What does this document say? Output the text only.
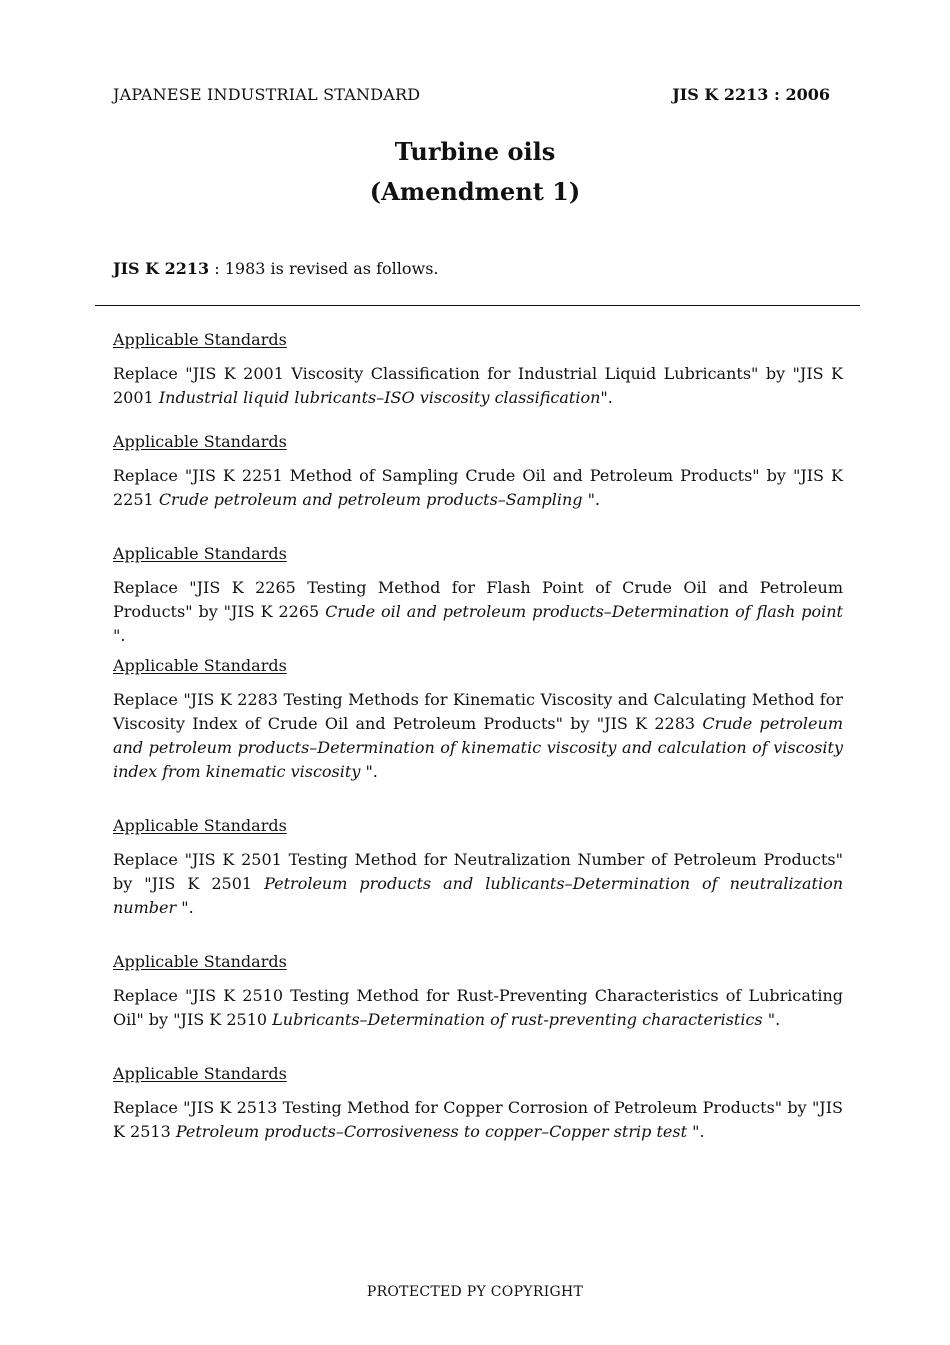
JAPANESE INDUSTRIAL STANDARD	JIS K 2213 : 2006
Turbine oils
(Amendment 1)
JIS K 2213 : 1983 is revised as follows.
Applicable Standards
Replace "JIS K 2001 Viscosity Classification for Industrial Liquid Lubricants" by "JIS K 2001 Industrial liquid lubricants–ISO viscosity classification".
Applicable Standards
Replace "JIS K 2251 Method of Sampling Crude Oil and Petroleum Products" by "JIS K 2251 Crude petroleum and petroleum products–Sampling ".
Applicable Standards
Replace "JIS K 2265 Testing Method for Flash Point of Crude Oil and Petroleum Products" by "JIS K 2265 Crude oil and petroleum products–Determination of flash point ".
Applicable Standards
Replace "JIS K 2283 Testing Methods for Kinematic Viscosity and Calculating Method for Viscosity Index of Crude Oil and Petroleum Products" by "JIS K 2283 Crude petroleum and petroleum products–Determination of kinematic viscosity and calculation of viscosity index from kinematic viscosity ".
Applicable Standards
Replace "JIS K 2501 Testing Method for Neutralization Number of Petroleum Products" by "JIS K 2501 Petroleum products and lublicants–Determination of neutralization number ".
Applicable Standards
Replace "JIS K 2510 Testing Method for Rust-Preventing Characteristics of Lubricating Oil" by "JIS K 2510 Lubricants–Determination of rust-preventing characteristics ".
Applicable Standards
Replace "JIS K 2513 Testing Method for Copper Corrosion of Petroleum Products" by "JIS K 2513 Petroleum products–Corrosiveness to copper–Copper strip test ".
PROTECTED PY COPYRIGHT
